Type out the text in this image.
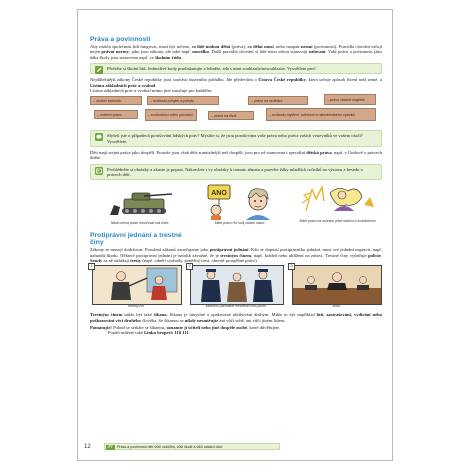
Práva a povinnosti

Aby mohla společnost lidí fungovat, musí být určeno, co lidé mohou dělat (práva), co dělat musí, nebo naopak nesmí (povinnosti). Pravidla chování určují nejen právní normy, jako jsou zákony, ale také např. morálka. Další pravidla chování si lidé mezi sebou stanovují uzlovaní. Vaše práva a povinnosti jako žáka školy jsou stanovena např. ve školním řádu.

Přečtěte si školní řád. Jednotlivé body prodiskutujte a řekněte, zda s nimi souhlasíte/nesouhlasíte. Vysvětlete proč.

Nejdůležitější zákony České republiky jsou součástí ústavního pořádku. Jde především o Ústavu České republiky, která určuje způsob řízení naší země, a Listinu základních práv a svobod.
Listina základních práv a svobod mimo jiné zaručuje pro každého:

– osobní svobodu	– svobodu pohybu a pobytu	– právo na vzdělání	– právo vlastnit majetek
– volební právo	– svobodnou volbu povolání	– právo na život	– svobodu myšlení, svědomí a náboženského vyznání
Slyšeli jste o případech porušování lidských práv? Myslíte si, že jsou porušována vaše práva nebo práva vašich vrstevníků ve vašem okolí? Vysvětlete.

Děti mají stejná práva jako dospělí. Protože jsou však děti zranitelnější než dospělí, jsou pro ně stanovena i speciální dětská práva, např. v Úmluvě o právech dítěte.

Prohlédněte si obrázky a zkuste je popsat. Nakreslete i vy obrázky k tomuto tématu a pozvěte žáky mladších ročníků na výstavu a besedu o právech dětí.
Nikdo nemá právo ohrožovat váš život.
ANO
Máte právo říct svůj vlastní názor.	Máte právo na ochranu před násilím a znásilněním.
Protiprávní jednání a trestné
činy

Zákony se musejí dodržovat. Porušení zákonů označujeme jako protiprávní jednání. Kdo se dopustí protiprávního jednání, musí své jednání napravit, např. nahradit škodu. Některé protiprávní jednání je natolik závažné, že je trestným činem, např. krádež nebo ublížení na zdraví. Trestné činy vyšetřuje policie. Soudy za ně ukládají tresty (např. odnětí svobody, peněžitý trest, obecně prospěšné práce).

1
trestný čin
2
zadržení pachatele trestného činu policií
3
soud

Trestným činem může být také šikana. Šikana je úmyslné a opakované ubližování druhým. Může to být například bití, zastrašování, vydírání nebo poškozování věcí druhého člověka. Se šikanou se nikdy nesmiřujte ani vůči sobě, ani vůči jiným lidem.

Pamatujte! Pokud se setkáte se šikanou, oznamte ji učiteli nebo jiné dospělé osobě, které důvěřujete.

Použít můžete také Linku bezpečí: 116 111.

12	PT	Práva a povinnosti dětí vůči rodičům, vůči škole a vůči ostatní obci
